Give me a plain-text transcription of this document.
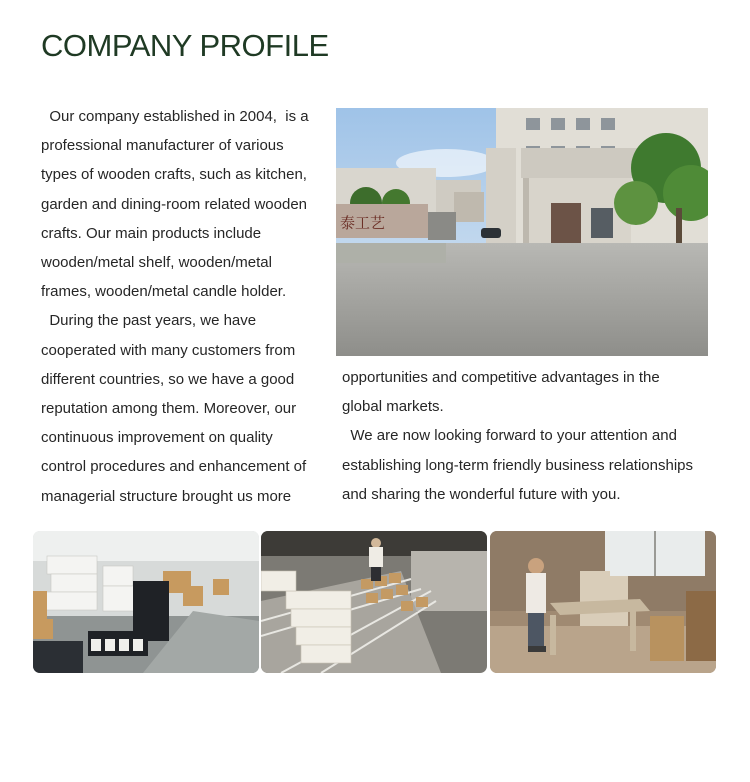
COMPANY PROFILE
Our company established in 2004,  is a
professional manufacturer of various
types of wooden crafts, such as kitchen,
garden and dining-room related wooden
crafts. Our main products include
wooden/metal shelf, wooden/metal
frames, wooden/metal candle holder.
During the past years, we have
cooperated with many customers from
different countries, so we have a good
reputation among them. Moreover, our
continuous improvement on quality
control procedures and enhancement of
managerial structure brought us more
opportunities and competitive advantages in the
global markets.
We are now looking forward to your attention and
establishing long-term friendly business relationships
and sharing the wonderful future with you.
泰工艺
